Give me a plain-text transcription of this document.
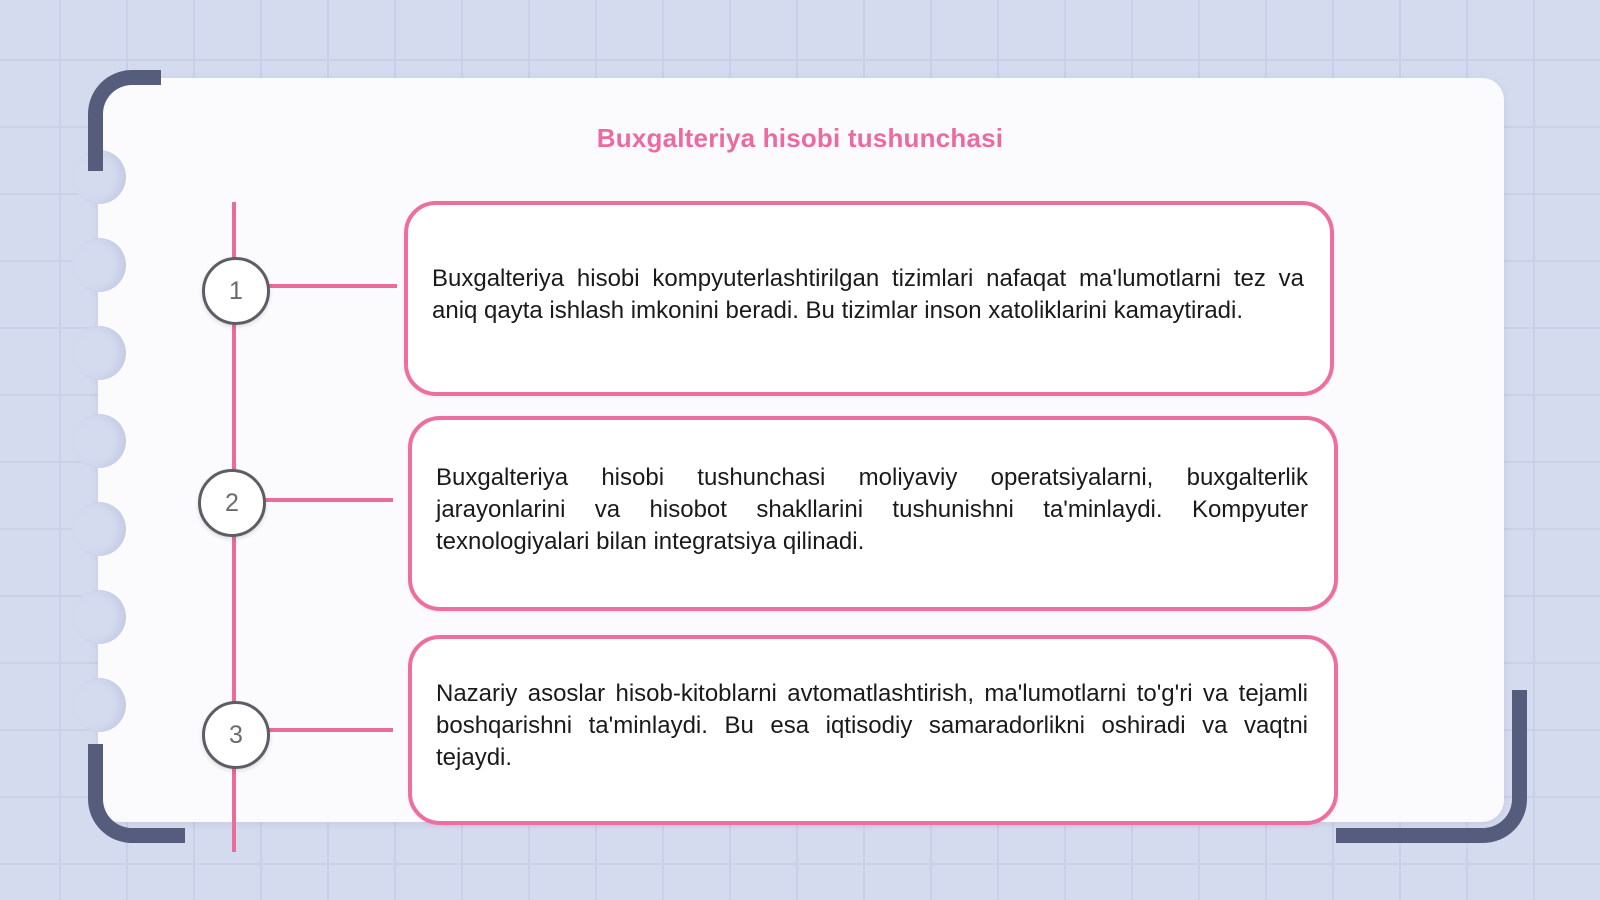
Buxgalteriya hisobi tushunchasi
1	Buxgalteriya hisobi kompyuterlashtirilgan tizimlari nafaqat ma'lumotlarni tez va aniq qayta ishlash imkonini beradi. Bu tizimlar inson xatoliklarini kamaytiradi.
2
Buxgalteriya hisobi tushunchasi moliyaviy operatsiyalarni, buxgalterlik jarayonlarini va hisobot shakllarini tushunishni ta'minlaydi. Kompyuter texnologiyalari bilan integratsiya qilinadi.
3
Nazariy asoslar hisob-kitoblarni avtomatlashtirish, ma'lumotlarni to'g'ri va tejamli boshqarishni ta'minlaydi. Bu esa iqtisodiy samaradorlikni oshiradi va vaqtni tejaydi.
